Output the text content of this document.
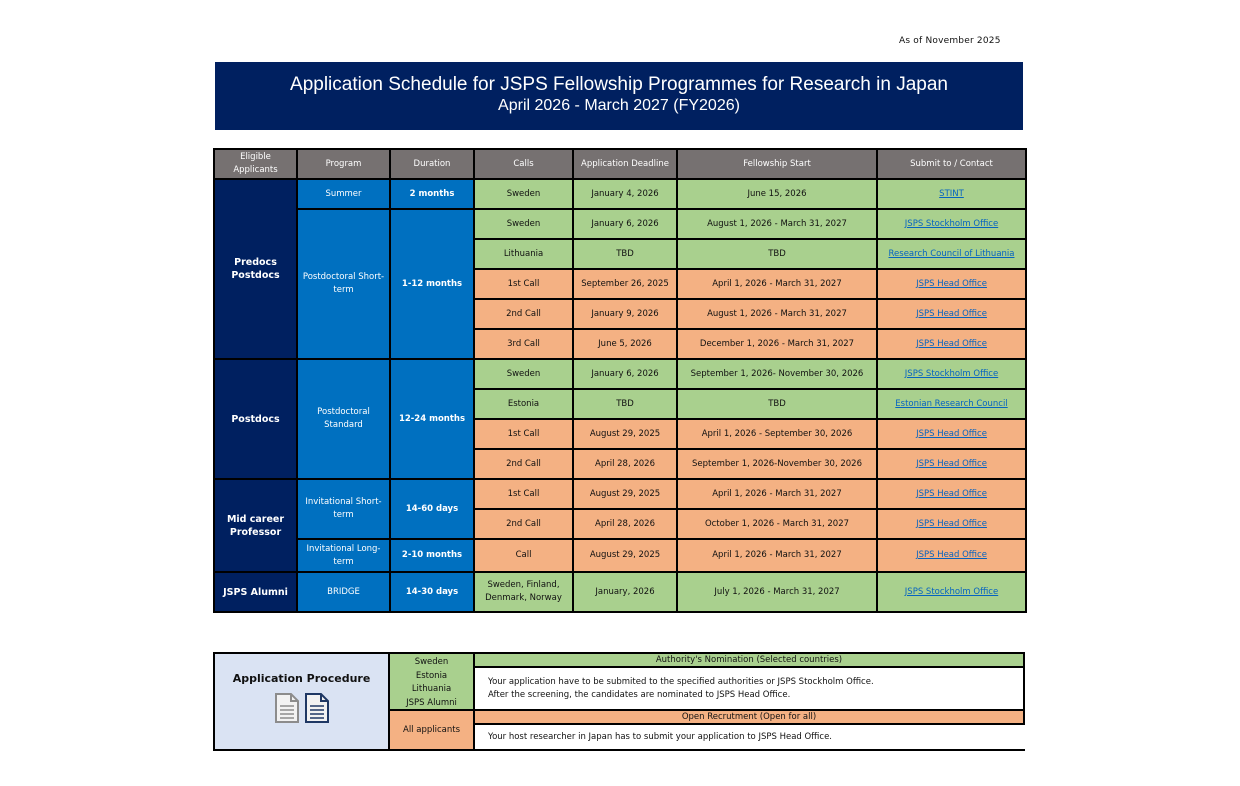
As of November 2025
Application Schedule for JSPS Fellowship Programmes for Research in Japan
April 2026 - March 2027 (FY2026)
Eligible Applicants	Program	Duration	Calls	Application Deadline	Fellowship Start	Submit to / Contact
Predocs Postdocs	Summer	2 months	Sweden	January 4, 2026	June 15, 2026	STINT
	Postdoctoral Short-term	1-12 months	Sweden	January 6, 2026	August 1, 2026 - March 31, 2027	JSPS Stockholm Office
			Lithuania	TBD	TBD	Research Council of Lithuania
			1st Call	September 26, 2025	April 1, 2026 - March 31, 2027	JSPS Head Office
			2nd Call	January 9, 2026	August 1, 2026 - March 31, 2027	JSPS Head Office
			3rd Call	June 5, 2026	December 1, 2026 - March 31, 2027	JSPS Head Office
Postdocs	Postdoctoral Standard	12-24 months	Sweden	January 6, 2026	September 1, 2026- November 30, 2026	JSPS Stockholm Office
			Estonia	TBD	TBD	Estonian Research Council
			1st Call	August 29, 2025	April 1, 2026 - September 30, 2026	JSPS Head Office
			2nd Call	April 28, 2026	September 1, 2026-November 30, 2026	JSPS Head Office
Mid career Professor	Invitational Short-term	14-60 days	1st Call	August 29, 2025	April 1, 2026 - March 31, 2027	JSPS Head Office
			2nd Call	April 28, 2026	October 1, 2026 - March 31, 2027	JSPS Head Office
	Invitational Long-term	2-10 months	Call	August 29, 2025	April 1, 2026 - March 31, 2027	JSPS Head Office
JSPS Alumni	BRIDGE	14-30 days	Sweden, Finland, Denmark, Norway	January, 2026	July 1, 2026 - March 31, 2027	JSPS Stockholm Office
Application Procedure
Sweden
Estonia
Lithuania
JSPS Alumni
All applicants
Authority's Nomination (Selected countries)
Your application have to be submited to the specified authorities or JSPS Stockholm Office.
After the screening, the candidates are nominated to JSPS Head Office.
Open Recrutment (Open for all)
Your host researcher in Japan has to submit your application to JSPS Head Office.
